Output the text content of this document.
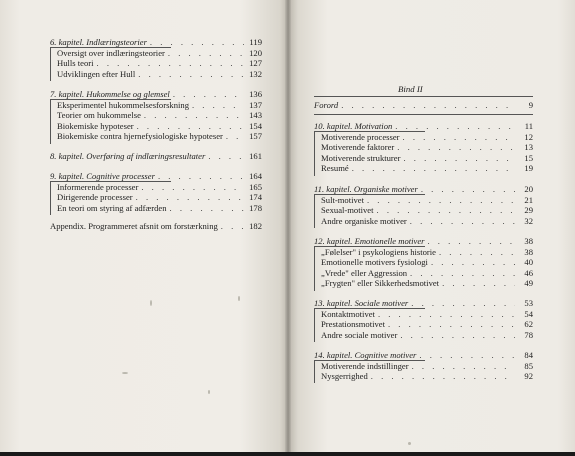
6. kapitel. Indlæringsteorier . . .	119
Oversigt over indlæringsteorier . . .	120
Hulls teori . . .	127
Udviklingen efter Hull . . .	132
7. kapitel. Hukommelse og glemsel . . .	136
Eksperimentel hukommelsesforskning . . .	137
Teorier om hukommelse . . .	143
Biokemiske hypoteser . . .	154
Biokemiske contra hjernefysiologiske hypoteser . . .	157
8. kapitel. Overføring af indlæringsresultater . . .	161
9. kapitel. Cognitive processer . . .	164
Informerende processer . . .	165
Dirigerende processer . . .	174
En teori om styring af adfærden . . .	178
Appendix. Programmeret afsnit om forstærkning . . .	182
Bind II
Forord . . .	9
10. kapitel. Motivation . . .	11
Motiverende processer . . .	12
Motiverende faktorer . . .	13
Motiverende strukturer . . .	15
Resumé . . .	19
11. kapitel. Organiske motiver . . .	20
Sult-motivet . . .	21
Sexual-motivet . . .	29
Andre organiske motiver . . .	32
12. kapitel. Emotionelle motiver . . .	38
„Følelser" i psykologiens historie . . .	38
Emotionelle motivers fysiologi . . .	40
„Vrede" eller Aggression . . .	46
„Frygten" eller Sikkerhedsmotivet . . .	49
13. kapitel. Sociale motiver . . .	53
Kontaktmotivet . . .	54
Prestationsmotivet . . .	62
Andre sociale motiver . . .	78
14. kapitel. Cognitive motiver . . .	84
Motiverende indstillinger . . .	85
Nysgerrighed . . .	92
